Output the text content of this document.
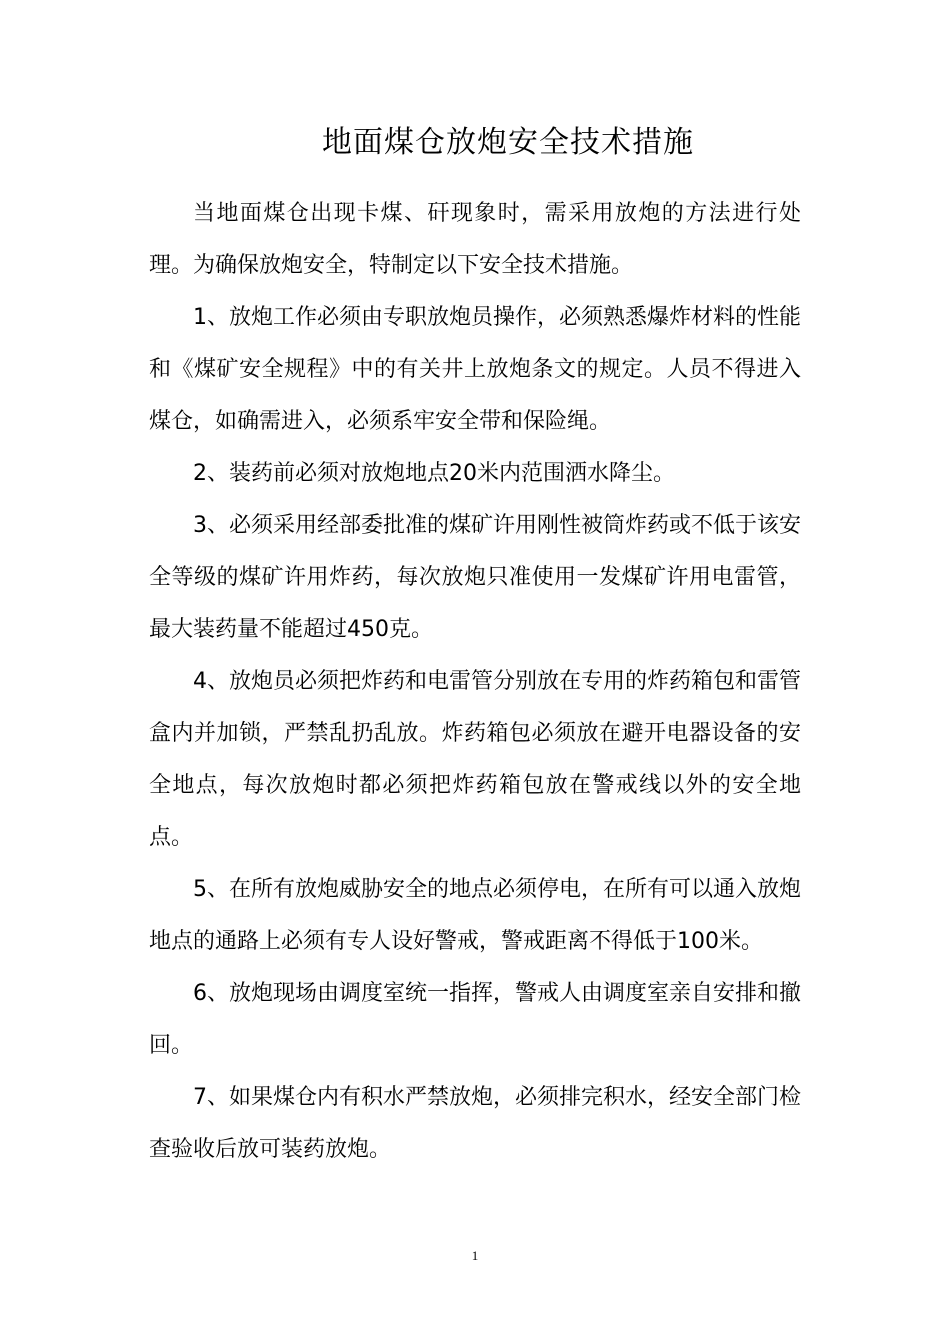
地面煤仓放炮安全技术措施

当地面煤仓出现卡煤、矸现象时，需采用放炮的方法进行处理。为确保放炮安全，特制定以下安全技术措施。

1、放炮工作必须由专职放炮员操作，必须熟悉爆炸材料的性能和《煤矿安全规程》中的有关井上放炮条文的规定。人员不得进入煤仓，如确需进入，必须系牢安全带和保险绳。

2、装药前必须对放炮地点20米内范围洒水降尘。

3、必须采用经部委批准的煤矿许用刚性被筒炸药或不低于该安全等级的煤矿许用炸药，每次放炮只准使用一发煤矿许用电雷管，最大装药量不能超过450克。

4、放炮员必须把炸药和电雷管分别放在专用的炸药箱包和雷管盒内并加锁，严禁乱扔乱放。炸药箱包必须放在避开电器设备的安全地点，每次放炮时都必须把炸药箱包放在警戒线以外的安全地点。

5、在所有放炮威胁安全的地点必须停电，在所有可以通入放炮地点的通路上必须有专人设好警戒，警戒距离不得低于100米。

6、放炮现场由调度室统一指挥，警戒人由调度室亲自安排和撤回。

7、如果煤仓内有积水严禁放炮，必须排完积水，经安全部门检查验收后放可装药放炮。

1
